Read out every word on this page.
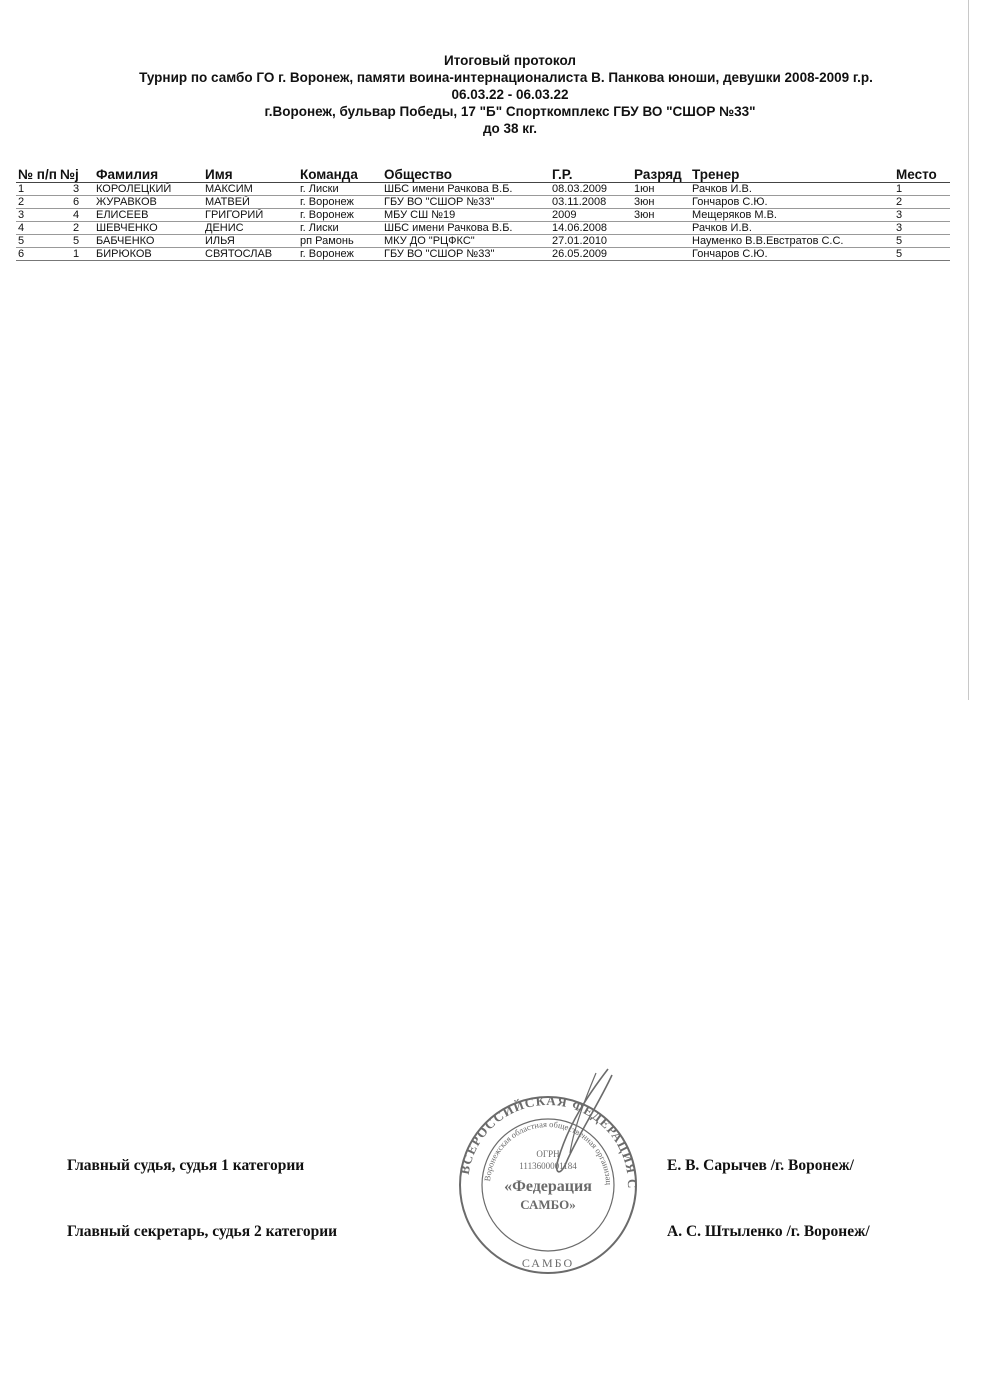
Итоговый протокол
Турнир по самбо ГО г. Воронеж, памяти воина-интернационалиста В. Панкова юноши, девушки 2008-2009 г.р.
06.03.22 - 06.03.22
г.Воронеж, бульвар Победы, 17 "Б" Спорткомплекс ГБУ ВО "СШОР №33"
до 38 кг.
№ п/п	№j	Фамилия	Имя	Команда	Общество	Г.Р.	Разряд	Тренер	Место
1	3	КОРОЛЕЦКИЙ	МАКСИМ	г. Лиски	ШБС имени Рачкова В.Б.	08.03.2009	1юн	Рачков И.В.	1
2	6	ЖУРАВКОВ	МАТВЕЙ	г. Воронеж	ГБУ ВО "СШОР №33"	03.11.2008	3юн	Гончаров С.Ю.	2
3	4	ЕЛИСЕЕВ	ГРИГОРИЙ	г. Воронеж	МБУ СШ №19	2009	3юн	Мещеряков М.В.	3
4	2	ШЕВЧЕНКО	ДЕНИС	г. Лиски	ШБС имени Рачкова В.Б.	14.06.2008		Рачков И.В.	3
5	5	БАБЧЕНКО	ИЛЬЯ	рп Рамонь	МКУ ДО "РЦФКС"	27.01.2010		Науменко В.В.Евстратов С.С.	5
6	1	БИРЮКОВ	СВЯТОСЛАВ	г. Воронеж	ГБУ ВО "СШОР №33"	26.05.2009		Гончаров С.Ю.	5
Главный судья, судья 1 категории	Е. В. Сарычев /г. Воронеж/
Главный секретарь, судья 2 категории	А. С. Штыленко /г. Воронеж/
ВСЕРОССИЙСКАЯ ФЕДЕРАЦИЯ С
Воронежская областная общественная организац
ОГРН
1113600001184
«Федерация
САМБО»
САМБО
